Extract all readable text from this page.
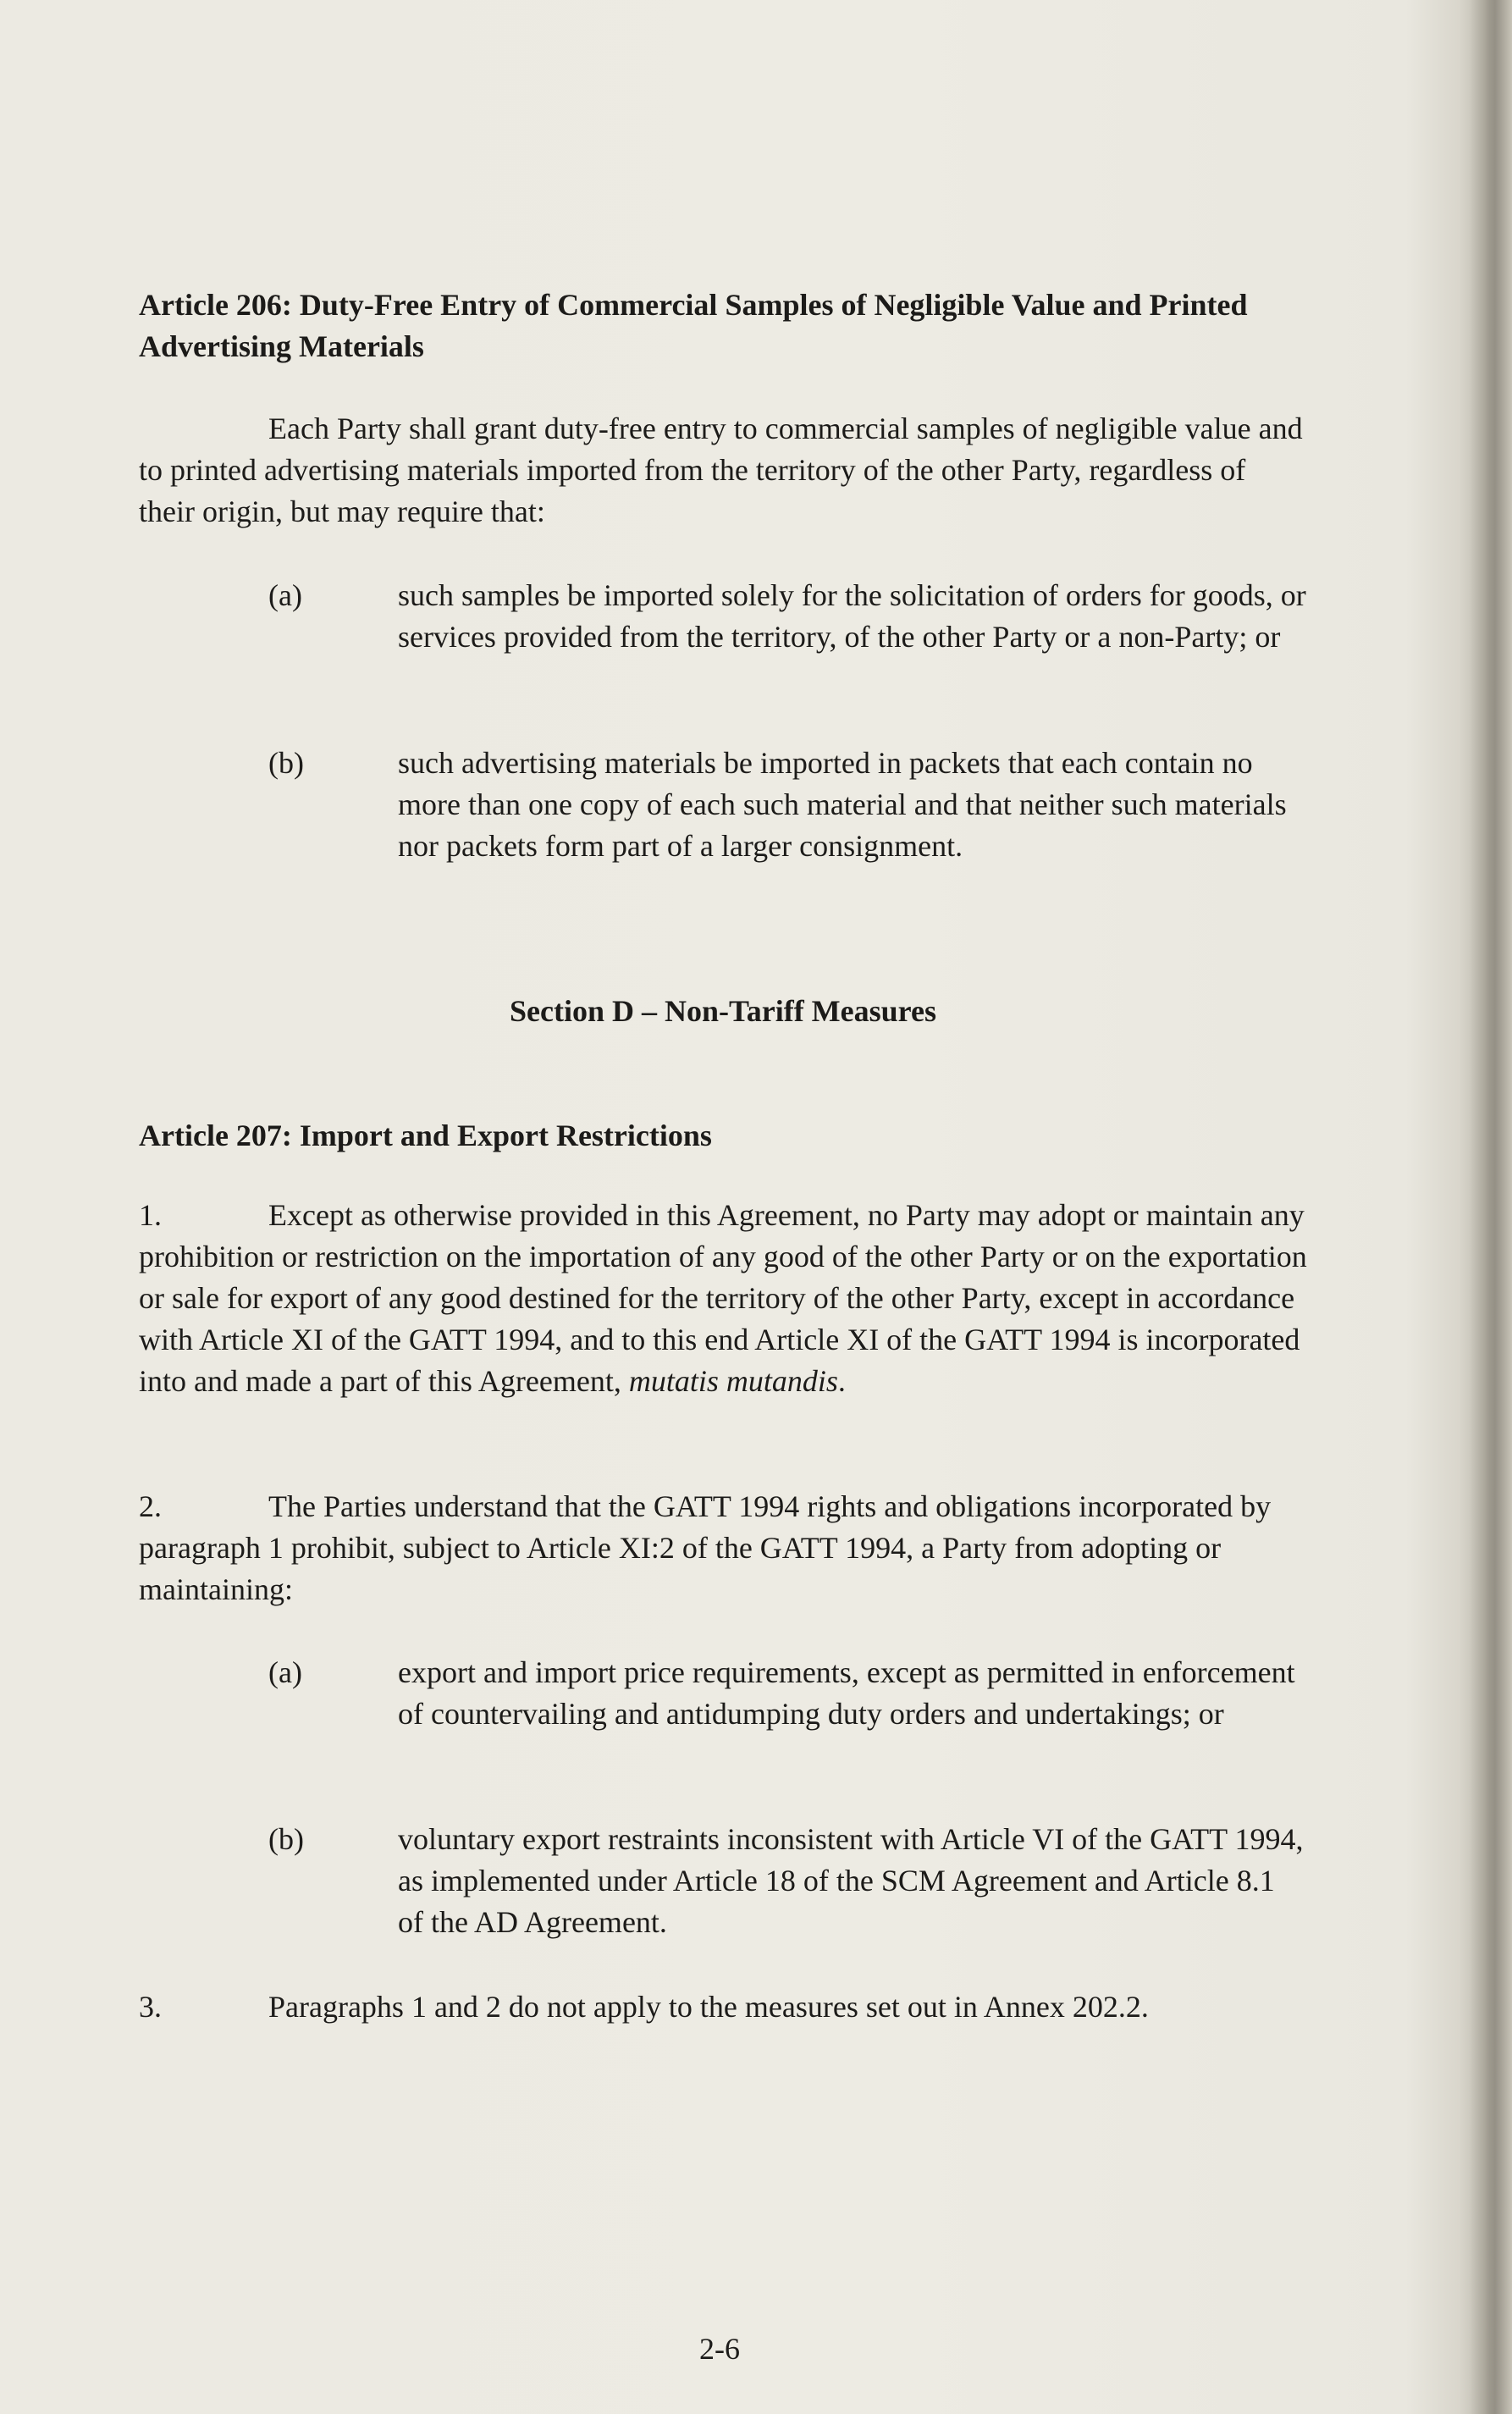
Article 206: Duty-Free Entry of Commercial Samples of Negligible Value and Printed Advertising Materials
Each Party shall grant duty-free entry to commercial samples of negligible value and to printed advertising materials imported from the territory of the other Party, regardless of their origin, but may require that:
(a)	such samples be imported solely for the solicitation of orders for goods, or services provided from the territory, of the other Party or a non-Party; or
(b)	such advertising materials be imported in packets that each contain no more than one copy of each such material and that neither such materials nor packets form part of a larger consignment.
Section D – Non-Tariff Measures
Article 207: Import and Export Restrictions
1.	Except as otherwise provided in this Agreement, no Party may adopt or maintain any prohibition or restriction on the importation of any good of the other Party or on the exportation or sale for export of any good destined for the territory of the other Party, except in accordance with Article XI of the GATT 1994, and to this end Article XI of the GATT 1994 is incorporated into and made a part of this Agreement, mutatis mutandis.
2.	The Parties understand that the GATT 1994 rights and obligations incorporated by paragraph 1 prohibit, subject to Article XI:2 of the GATT 1994, a Party from adopting or maintaining:
(a)	export and import price requirements, except as permitted in enforcement of countervailing and antidumping duty orders and undertakings; or
(b)	voluntary export restraints inconsistent with Article VI of the GATT 1994, as implemented under Article 18 of the SCM Agreement and Article 8.1 of the AD Agreement.
3.	Paragraphs 1 and 2 do not apply to the measures set out in Annex 202.2.
2-6
